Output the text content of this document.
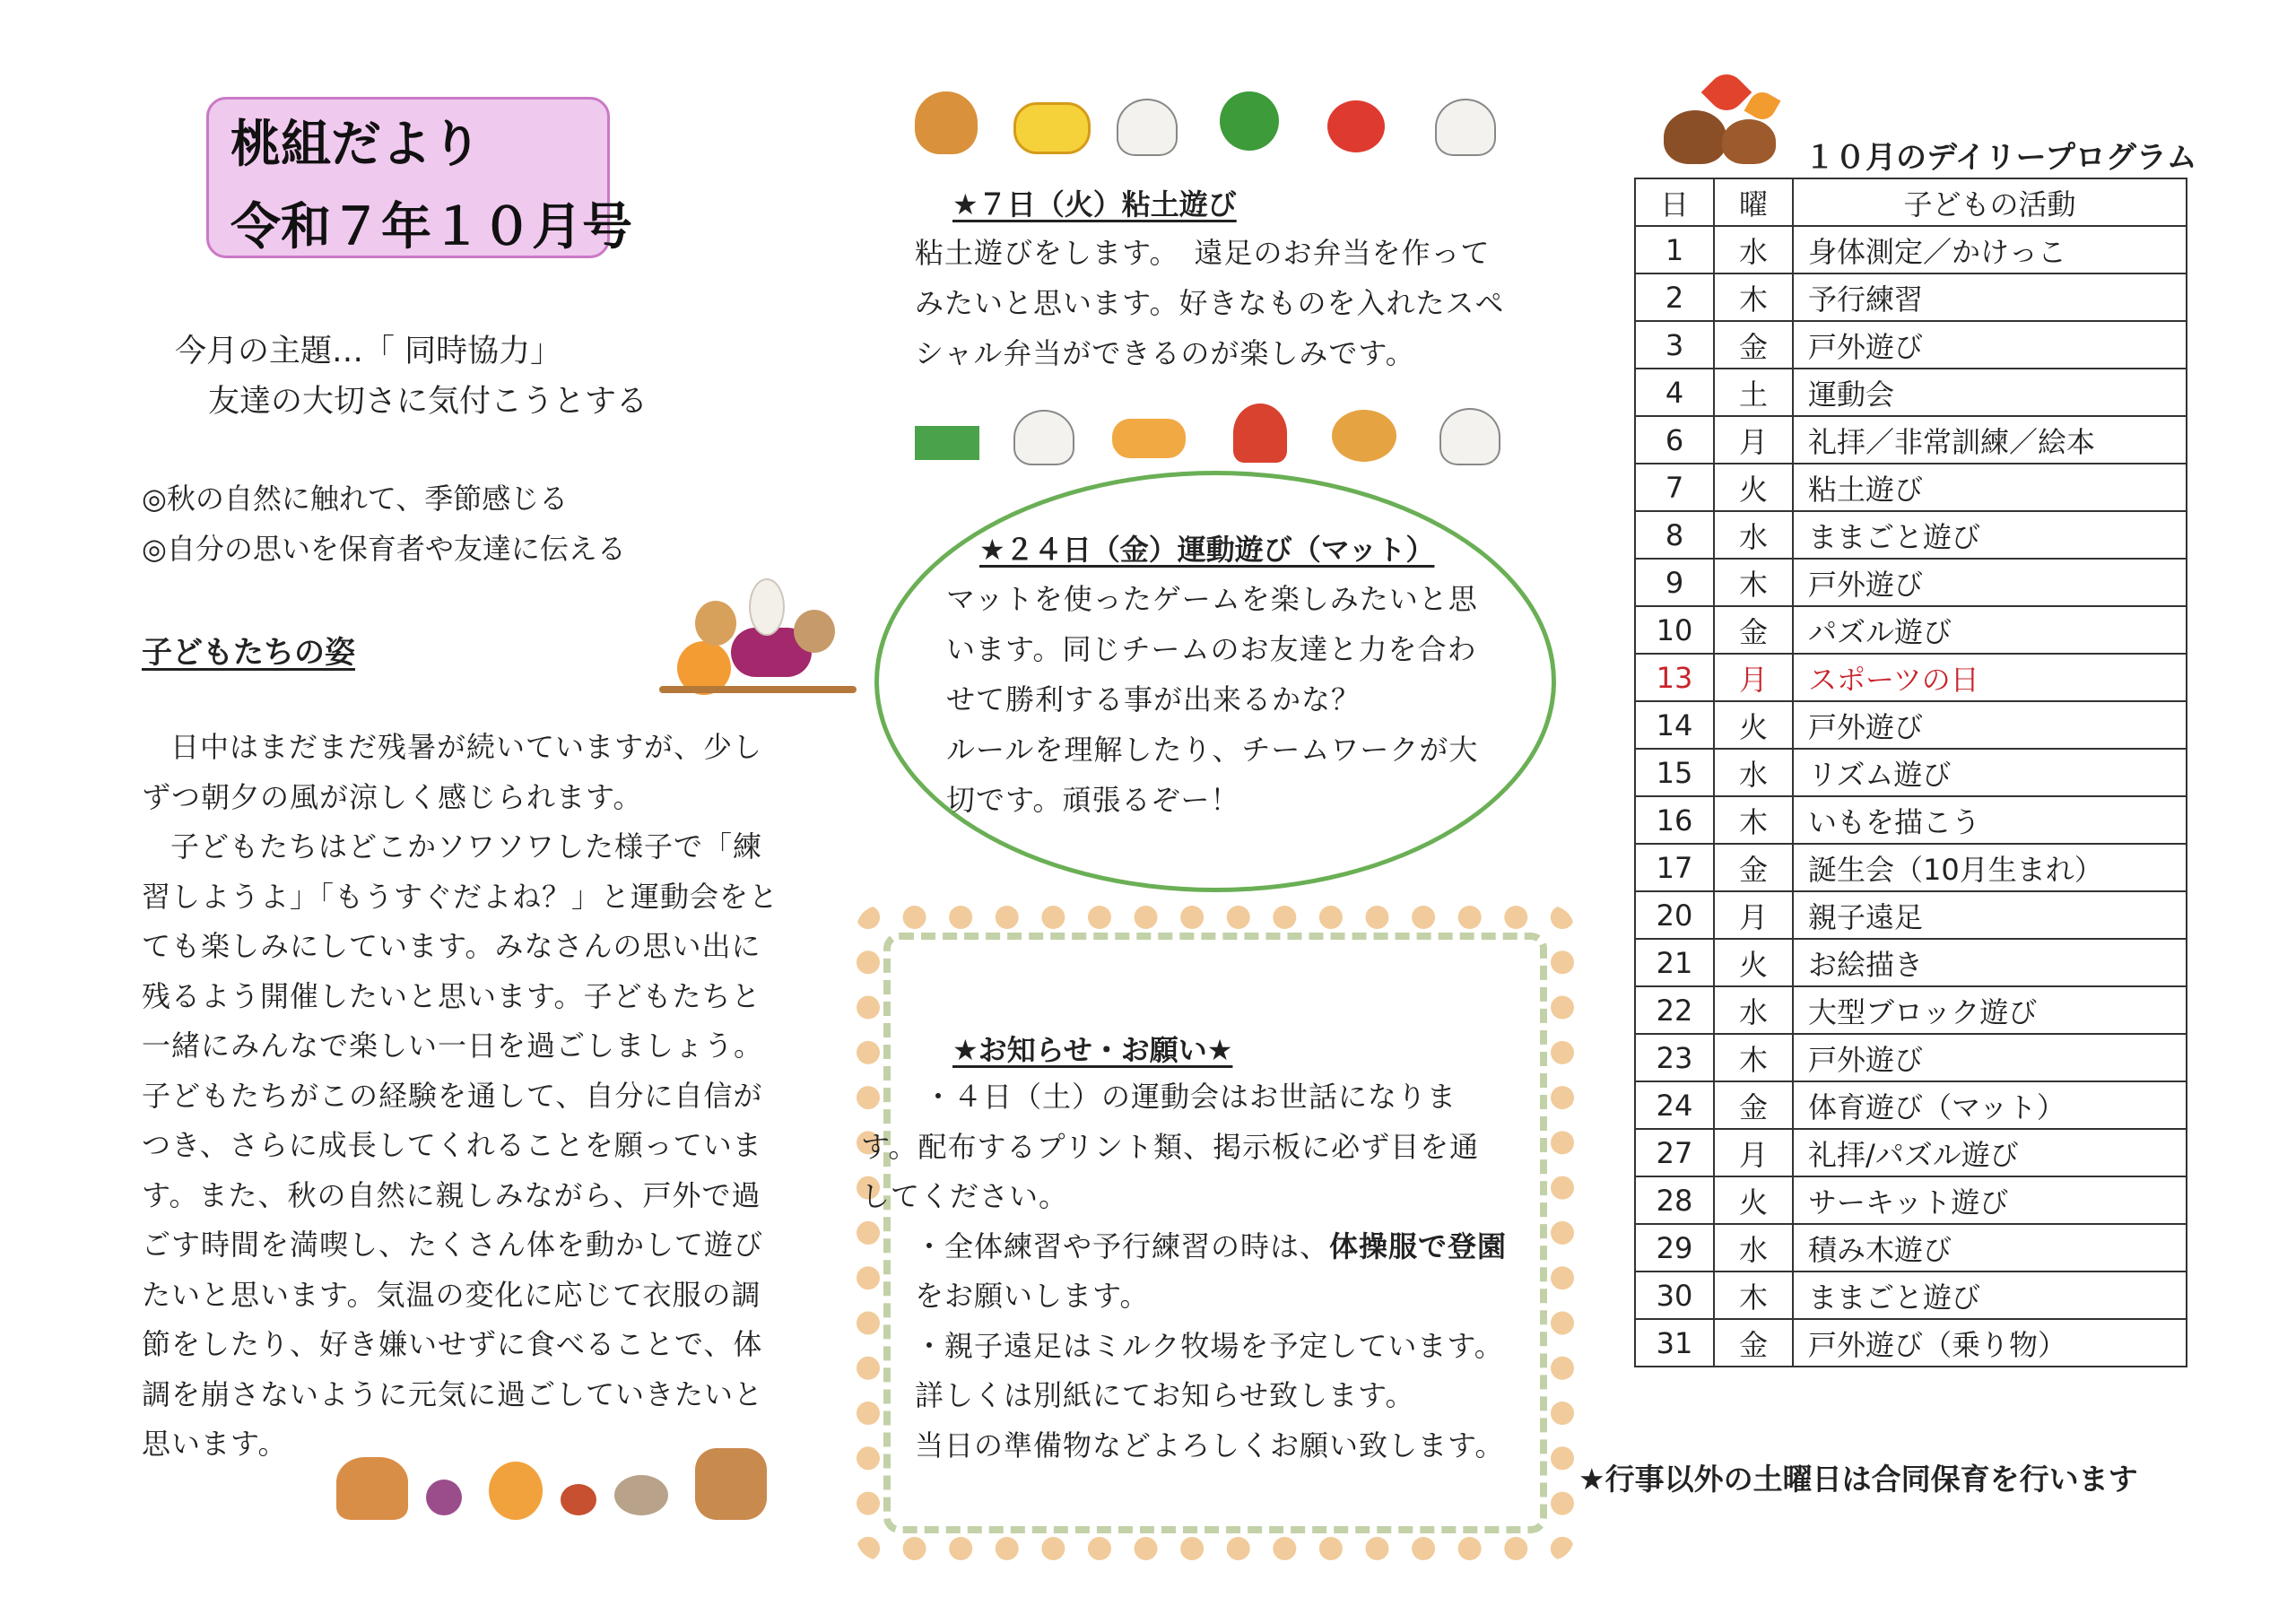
桃組だより
令和７年１０月号
今月の主題…「 同時協力」
友達の大切さに気付こうとする
◎秋の自然に触れて、季節感じる
◎自分の思いを保育者や友達に伝える
子どもたちの姿

日中はまだまだ残暑が続いていますが、少しずつ朝夕の風が涼しく感じられます。

子どもたちはどこかソワソワした様子で「練習しようよ」「もうすぐだよね？」と運動会をとても楽しみにしています。みなさんの思い出に残るよう開催したいと思います。子どもたちと一緒にみんなで楽しい一日を過ごしましょう。子どもたちがこの経験を通して、自分に自信がつき、さらに成長してくれることを願っています。また、秋の自然に親しみながら、戸外で過ごす時間を満喫し、たくさん体を動かして遊びたいと思います。気温の変化に応じて衣服の調節をしたり、好き嫌いせずに食べることで、体調を崩さないように元気に過ごしていきたいと思います。

★７日（火）粘土遊び
粘土遊びをします。　遠足のお弁当を作ってみたいと思います。好きなものを入れたスペシャル弁当ができるのが楽しみです。
★２４日（金）運動遊び（マット）

マットを使ったゲームを楽しみたいと思

います。同じチームのお友達と力を合わ

せて勝利する事が出来るかな？

ルールを理解したり、チームワークが大

切です。頑張るぞー！

★お知らせ・お願い★

・４日（土）の運動会はお世話になりま

す。配布するプリント類、掲示板に必ず目を通

してください。

・全体練習や予行練習の時は、体操服で登園

をお願いします。

・親子遠足はミルク牧場を予定しています。

詳しくは別紙にてお知らせ致します。

当日の準備物などよろしくお願い致します。

１０月のデイリープログラム
日	曜	子どもの活動
1	水	身体測定／かけっこ
2	木	予行練習
3	金	戸外遊び
4	土	運動会
6	月	礼拝／非常訓練／絵本
7	火	粘土遊び
8	水	ままごと遊び
9	木	戸外遊び
10	金	パズル遊び
13	月	スポーツの日
14	火	戸外遊び
15	水	リズム遊び
16	木	いもを描こう
17	金	誕生会（10月生まれ）
20	月	親子遠足
21	火	お絵描き
22	水	大型ブロック遊び
23	木	戸外遊び
24	金	体育遊び（マット）
27	月	礼拝/パズル遊び
28	火	サーキット遊び
29	水	積み木遊び
30	木	ままごと遊び
31	金	戸外遊び（乗り物）
★行事以外の土曜日は合同保育を行います
